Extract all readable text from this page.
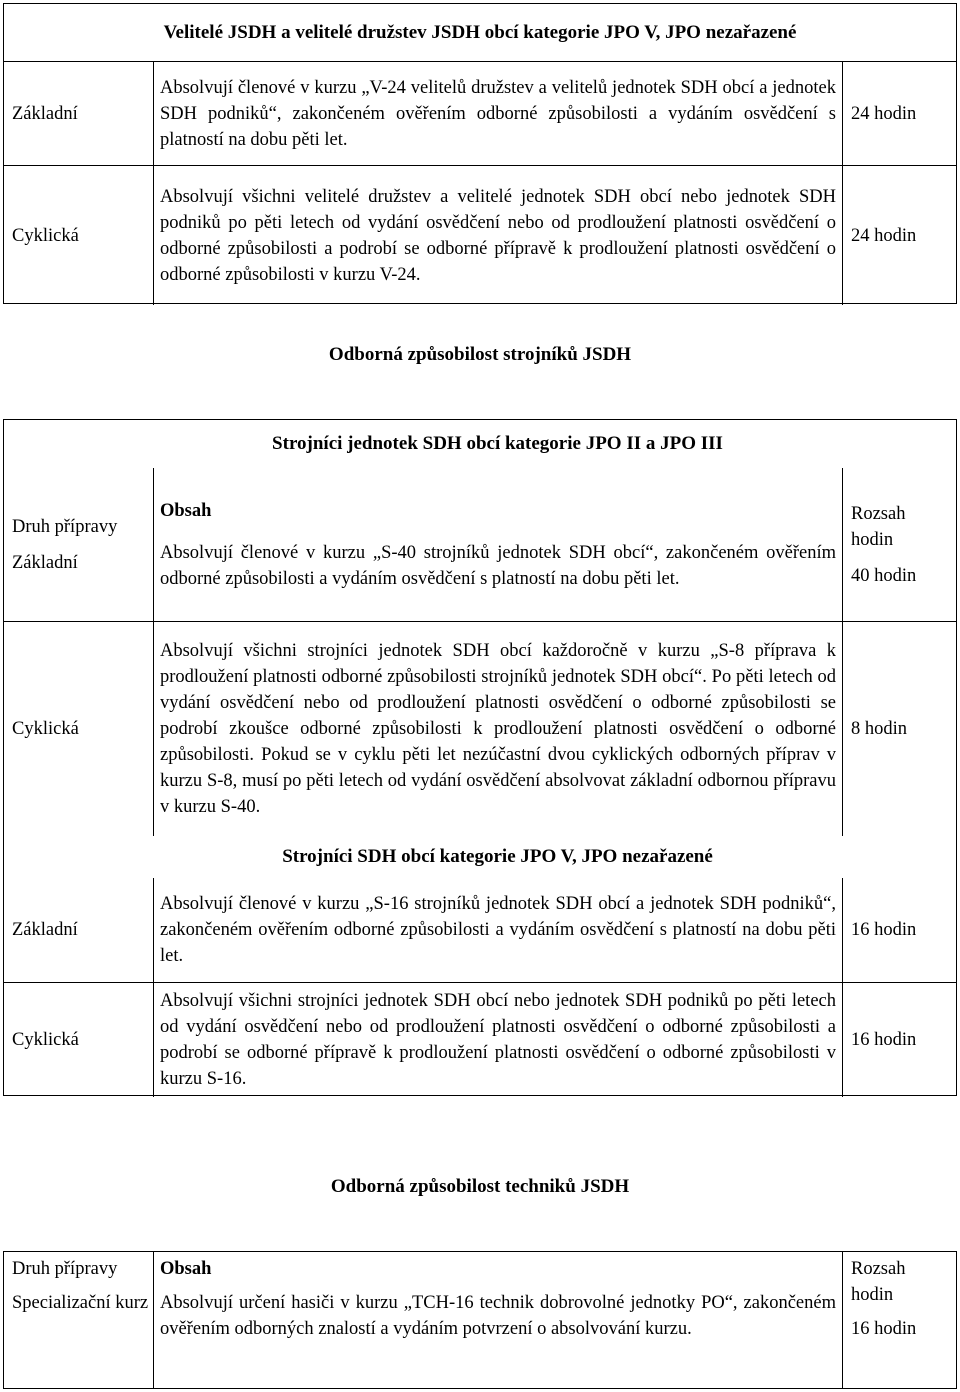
Velitelé JSDH a velitelé družstev JSDH obcí kategorie JPO V, JPO nezařazené
Základní
Absolvují členové v kurzu „V-24 velitelů družstev a velitelů jednotek SDH obcí a jednotek SDH podniků“, zakončeném ověřením odborné způsobilosti a vydáním osvědčení s platností na dobu pěti let.
24 hodin
Cyklická
Absolvují všichni velitelé družstev a velitelé jednotek SDH obcí nebo jednotek SDH podniků po pěti letech od vydání osvědčení nebo od prodloužení platnosti osvědčení o odborné způsobilosti a podrobí se odborné přípravě k prodloužení platnosti osvědčení o odborné způsobilosti v kurzu V-24.
24 hodin
Odborná způsobilost strojníků JSDH
Strojníci jednotek SDH obcí kategorie JPO II a JPO III
Druh přípravy
Základní
Obsah
Absolvují členové v kurzu „S-40 strojníků jednotek SDH obcí“, zakončeném ověřením odborné způsobilosti a vydáním osvědčení s platností na dobu pěti let.
Rozsah hodin
40 hodin
Cyklická
Absolvují všichni strojníci jednotek SDH obcí každoročně v kurzu „S-8 příprava k prodloužení platnosti odborné způsobilosti strojníků jednotek SDH obcí“. Po pěti letech od vydání osvědčení nebo od prodloužení platnosti osvědčení o odborné způsobilosti se podrobí zkoušce odborné způsobilosti k prodloužení platnosti osvědčení o odborné způsobilosti. Pokud se v cyklu pěti let nezúčastní dvou cyklických odborných příprav v kurzu S-8, musí po pěti letech od vydání osvědčení absolvovat základní odbornou přípravu v kurzu S-40.
8 hodin
Strojníci SDH obcí kategorie JPO V, JPO nezařazené
Základní
Absolvují členové v kurzu „S-16 strojníků jednotek SDH obcí a jednotek SDH podniků“, zakončeném ověřením odborné způsobilosti a vydáním osvědčení s platností na dobu pěti let.
16 hodin
Cyklická
Absolvují všichni strojníci jednotek SDH obcí nebo jednotek SDH podniků po pěti letech od vydání osvědčení nebo od prodloužení platnosti osvědčení o odborné způsobilosti a podrobí se odborné přípravě k prodloužení platnosti osvědčení o odborné způsobilosti v kurzu S-16.
16 hodin
Odborná způsobilost techniků JSDH
Druh přípravy
Specializační kurz
Obsah
Absolvují určení hasiči v kurzu „TCH-16 technik dobrovolné jednotky PO“, zakončeném ověřením odborných znalostí a vydáním potvrzení o absolvování kurzu.
Rozsah hodin
16 hodin
